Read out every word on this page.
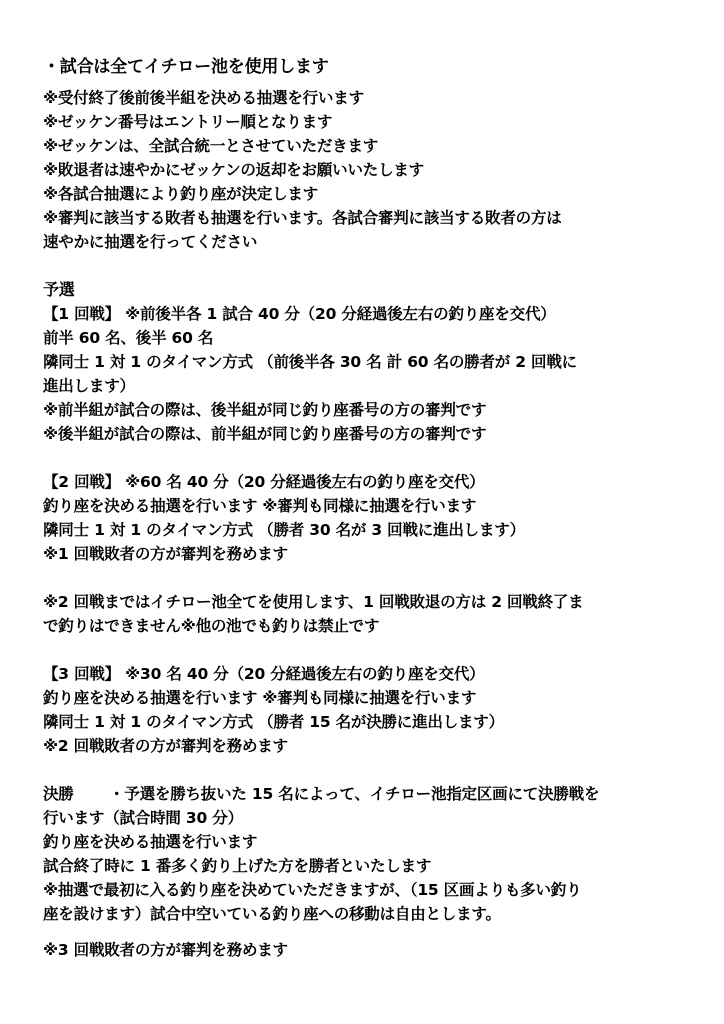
・試合は全てイチロー池を使用します
※受付終了後前後半組を決める抽選を行います
※ゼッケン番号はエントリー順となります
※ゼッケンは、全試合統一とさせていただきます
※敗退者は速やかにゼッケンの返却をお願いいたします
※各試合抽選により釣り座が決定します
※審判に該当する敗者も抽選を行います。各試合審判に該当する敗者の方は
速やかに抽選を行ってください
予選
【1 回戦】 ※前後半各 1 試合 40 分（20 分経過後左右の釣り座を交代）
前半 60 名、後半 60 名
隣同士 1 対 1 のタイマン方式 （前後半各 30 名 計 60 名の勝者が 2 回戦に
進出します）
※前半組が試合の際は、後半組が同じ釣り座番号の方の審判です
※後半組が試合の際は、前半組が同じ釣り座番号の方の審判です
【2 回戦】 ※60 名 40 分（20 分経過後左右の釣り座を交代）
釣り座を決める抽選を行います ※審判も同様に抽選を行います
隣同士 1 対 1 のタイマン方式 （勝者 30 名が 3 回戦に進出します）
※1 回戦敗者の方が審判を務めます
※2 回戦まではイチロー池全てを使用します、1 回戦敗退の方は 2 回戦終了ま
で釣りはできません※他の池でも釣りは禁止です
【3 回戦】 ※30 名 40 分（20 分経過後左右の釣り座を交代）
釣り座を決める抽選を行います ※審判も同様に抽選を行います
隣同士 1 対 1 のタイマン方式 （勝者 15 名が決勝に進出します）
※2 回戦敗者の方が審判を務めます
決勝 ・予選を勝ち抜いた 15 名によって、イチロー池指定区画にて決勝戦を
行います（試合時間 30 分）
釣り座を決める抽選を行います
試合終了時に 1 番多く釣り上げた方を勝者といたします
※抽選で最初に入る釣り座を決めていただきますが、（15 区画よりも多い釣り
座を設けます）試合中空いている釣り座への移動は自由とします。
※3 回戦敗者の方が審判を務めます
